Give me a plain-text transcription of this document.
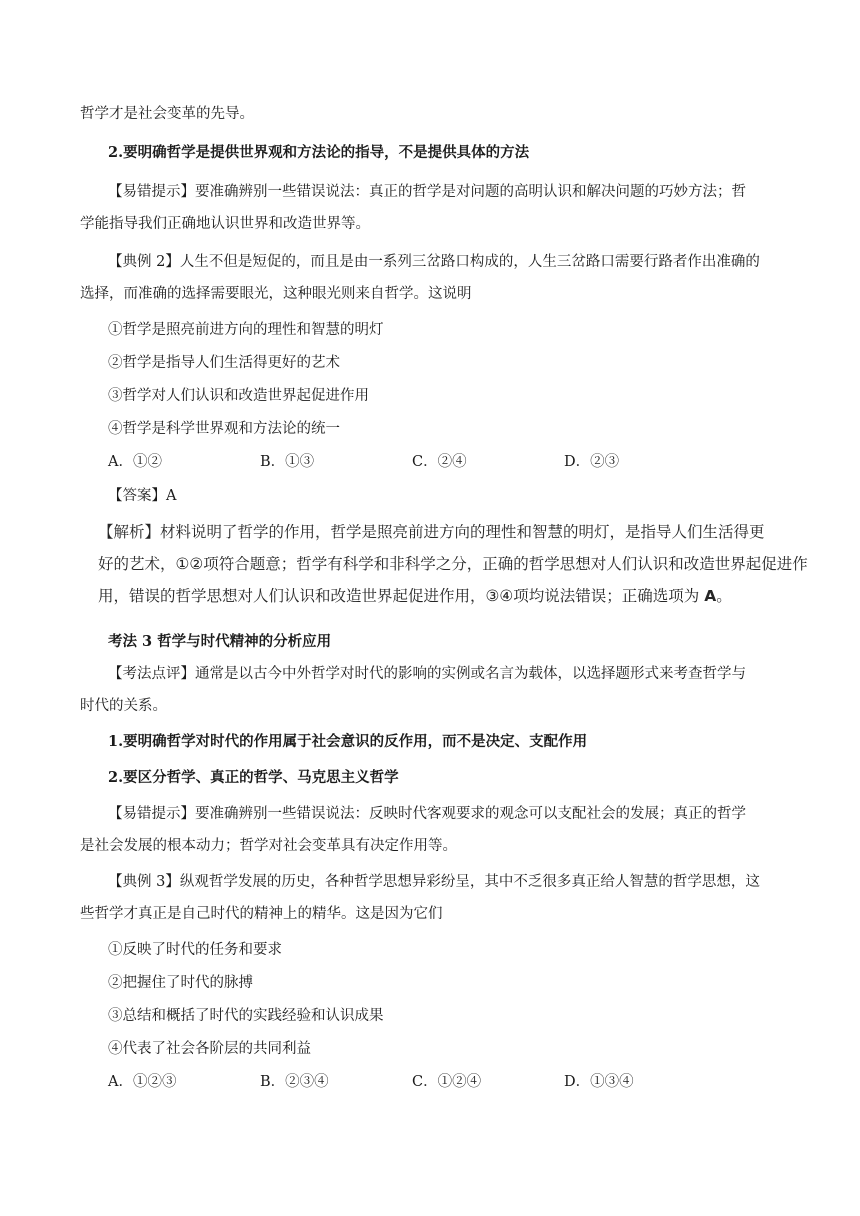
哲学才是社会变革的先导。
2.要明确哲学是提供世界观和方法论的指导，不是提供具体的方法
【易错提示】要准确辨别一些错误说法：真正的哲学是对问题的高明认识和解决问题的巧妙方法；哲
学能指导我们正确地认识世界和改造世界等。
【典例 2】人生不但是短促的，而且是由一系列三岔路口构成的，人生三岔路口需要行路者作出准确的
选择，而准确的选择需要眼光，这种眼光则来自哲学。这说明
①哲学是照亮前进方向的理性和智慧的明灯
②哲学是指导人们生活得更好的艺术
③哲学对人们认识和改造世界起促进作用
④哲学是科学世界观和方法论的统一
A．①②	B．①③	C．②④	D．②③
【答案】A

【解析】材料说明了哲学的作用，哲学是照亮前进方向的理性和智慧的明灯，是指导人们生活得更

好的艺术，①②项符合题意；哲学有科学和非科学之分，正确的哲学思想对人们认识和改造世界起促进作

用，错误的哲学思想对人们认识和改造世界起促进作用，③④项均说法错误；正确选项为 A。

考法 3 哲学与时代精神的分析应用
【考法点评】通常是以古今中外哲学对时代的影响的实例或名言为载体，以选择题形式来考查哲学与
时代的关系。
1.要明确哲学对时代的作用属于社会意识的反作用，而不是决定、支配作用
2.要区分哲学、真正的哲学、马克思主义哲学
【易错提示】要准确辨别一些错误说法：反映时代客观要求的观念可以支配社会的发展；真正的哲学
是社会发展的根本动力；哲学对社会变革具有决定作用等。
【典例 3】纵观哲学发展的历史，各种哲学思想异彩纷呈，其中不乏很多真正给人智慧的哲学思想，这
些哲学才真正是自己时代的精神上的精华。这是因为它们
①反映了时代的任务和要求
②把握住了时代的脉搏
③总结和概括了时代的实践经验和认识成果
④代表了社会各阶层的共同利益
A．①②③	B．②③④	C．①②④	D．①③④
